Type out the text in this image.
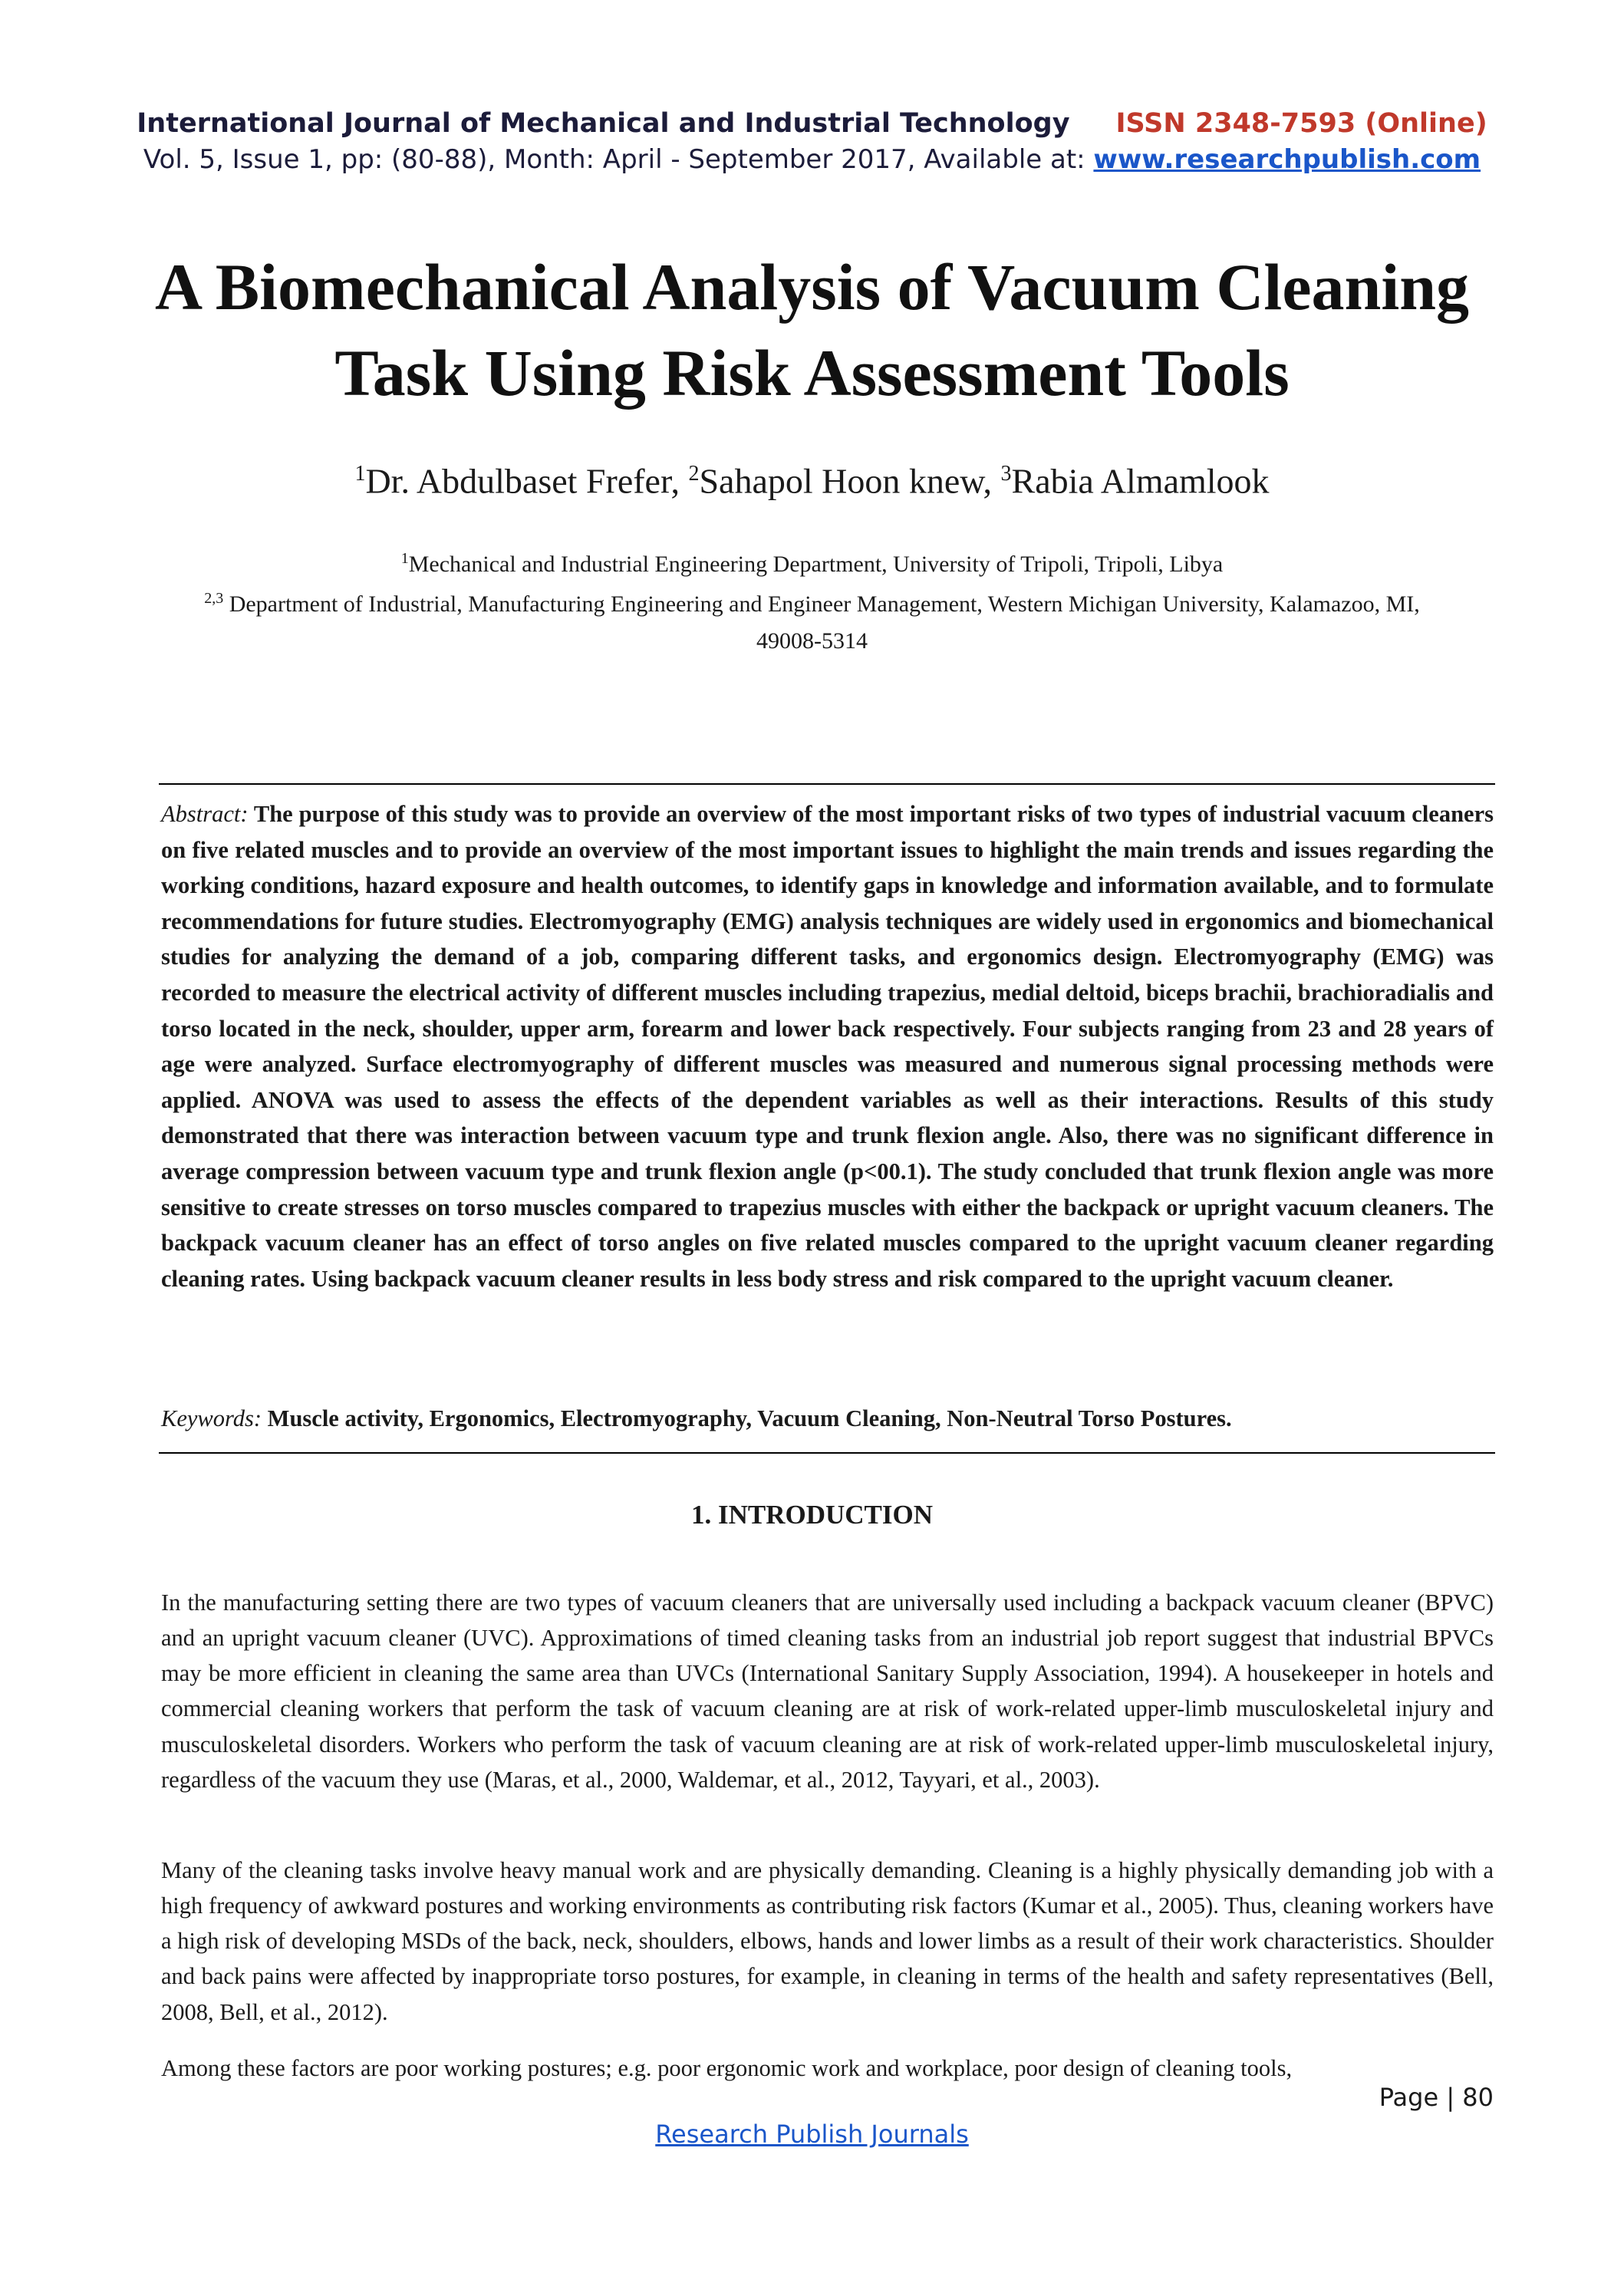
International Journal of Mechanical and Industrial Technology ISSN 2348-7593 (Online)
Vol. 5, Issue 1, pp: (80-88), Month: April - September 2017, Available at: www.researchpublish.com
A Biomechanical Analysis of Vacuum Cleaning Task Using Risk Assessment Tools
$^1$Dr. Abdulbaset Frefer, $^2$Sahapol Hoon knew, $^3$Rabia Almamlook
$^1$Mechanical and Industrial Engineering Department, University of Tripoli, Tripoli, Libya
$^{2,3}$ Department of Industrial, Manufacturing Engineering and Engineer Management, Western Michigan University, Kalamazoo, MI, 49008-5314
Abstract: The purpose of this study was to provide an overview of the most important risks of two types of industrial vacuum cleaners on five related muscles and to provide an overview of the most important issues to highlight the main trends and issues regarding the working conditions, hazard exposure and health outcomes, to identify gaps in knowledge and information available, and to formulate recommendations for future studies. Electromyography (EMG) analysis techniques are widely used in ergonomics and biomechanical studies for analyzing the demand of a job, comparing different tasks, and ergonomics design. Electromyography (EMG) was recorded to measure the electrical activity of different muscles including trapezius, medial deltoid, biceps brachii, brachioradialis and torso located in the neck, shoulder, upper arm, forearm and lower back respectively. Four subjects ranging from 23 and 28 years of age were analyzed. Surface electromyography of different muscles was measured and numerous signal processing methods were applied. ANOVA was used to assess the effects of the dependent variables as well as their interactions. Results of this study demonstrated that there was interaction between vacuum type and trunk flexion angle. Also, there was no significant difference in average compression between vacuum type and trunk flexion angle (p<00.1). The study concluded that trunk flexion angle was more sensitive to create stresses on torso muscles compared to trapezius muscles with either the backpack or upright vacuum cleaners. The backpack vacuum cleaner has an effect of torso angles on five related muscles compared to the upright vacuum cleaner regarding cleaning rates. Using backpack vacuum cleaner results in less body stress and risk compared to the upright vacuum cleaner.
Keywords: Muscle activity, Ergonomics, Electromyography, Vacuum Cleaning, Non-Neutral Torso Postures.
1. INTRODUCTION

In the manufacturing setting there are two types of vacuum cleaners that are universally used including a backpack vacuum cleaner (BPVC) and an upright vacuum cleaner (UVC). Approximations of timed cleaning tasks from an industrial job report suggest that industrial BPVCs may be more efficient in cleaning the same area than UVCs (International Sanitary Supply Association, 1994). A housekeeper in hotels and commercial cleaning workers that perform the task of vacuum cleaning are at risk of work-related upper-limb musculoskeletal injury and musculoskeletal disorders. Workers who perform the task of vacuum cleaning are at risk of work-related upper-limb musculoskeletal injury, regardless of the vacuum they use (Maras, et al., 2000, Waldemar, et al., 2012, Tayyari, et al., 2003).

Many of the cleaning tasks involve heavy manual work and are physically demanding. Cleaning is a highly physically demanding job with a high frequency of awkward postures and working environments as contributing risk factors (Kumar et al., 2005). Thus, cleaning workers have a high risk of developing MSDs of the back, neck, shoulders, elbows, hands and lower limbs as a result of their work characteristics. Shoulder and back pains were affected by inappropriate torso postures, for example, in cleaning in terms of the health and safety representatives (Bell, 2008, Bell, et al., 2012).

Among these factors are poor working postures; e.g. poor ergonomic work and workplace, poor design of cleaning tools,

Page | 80
Research Publish Journals
